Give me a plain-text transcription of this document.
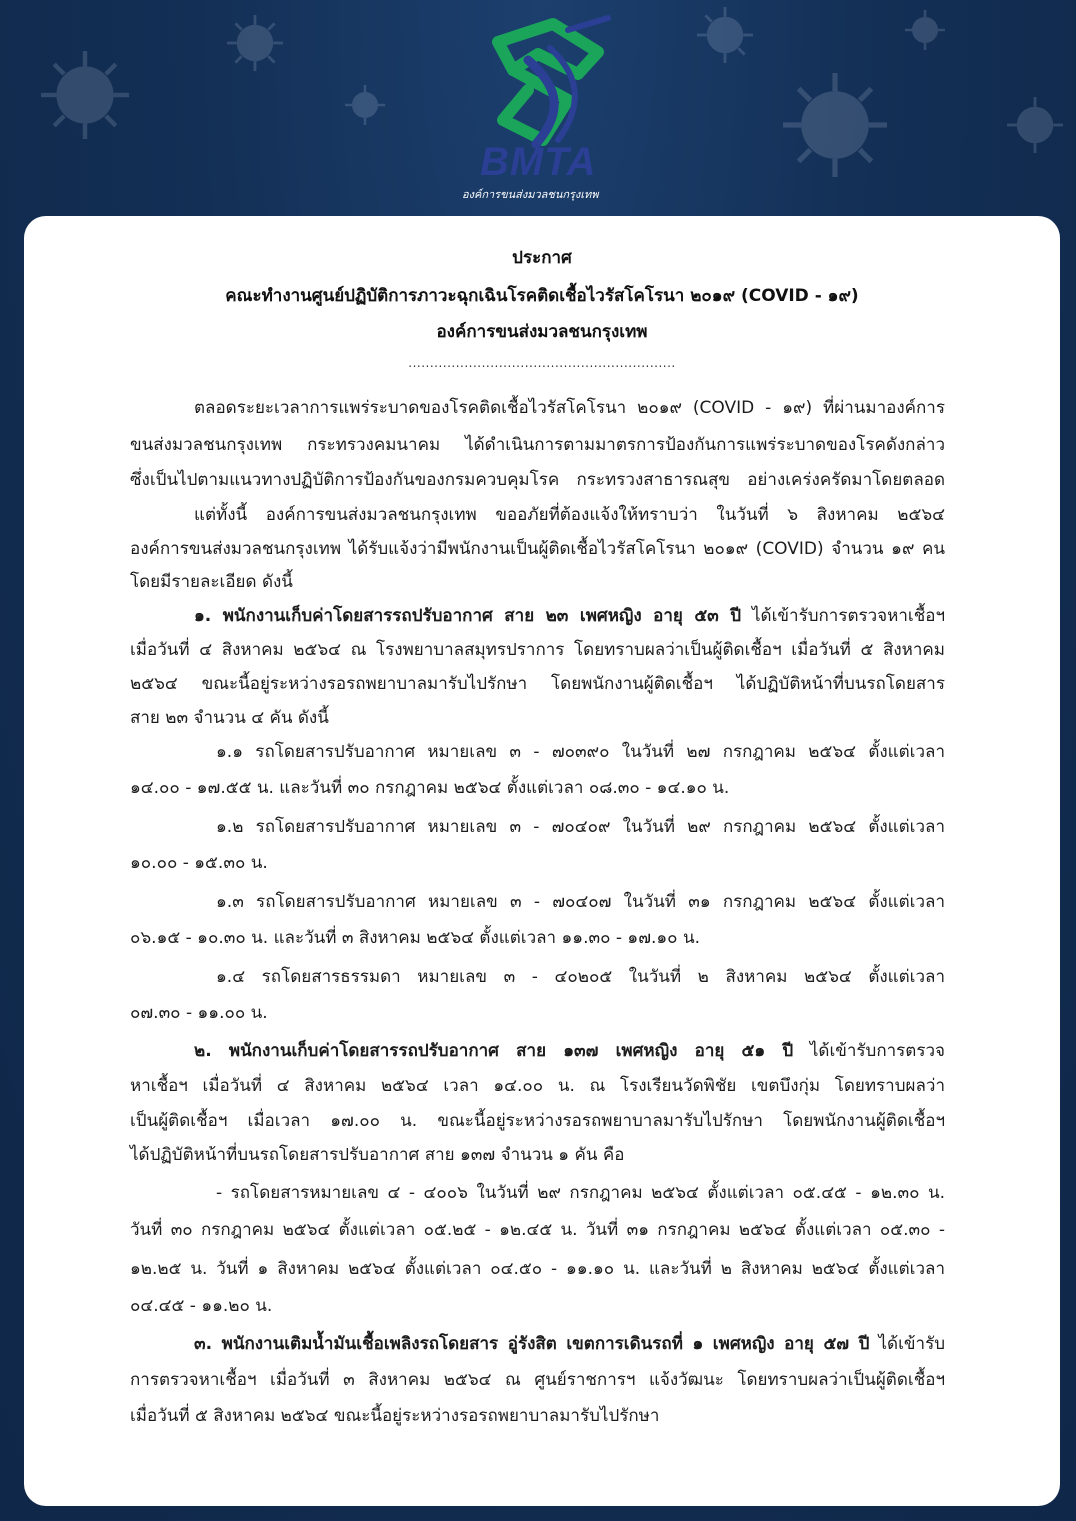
BMTA
องค์การขนส่งมวลชนกรุงเทพ
ประกาศ
คณะทำงานศูนย์ปฏิบัติการภาวะฉุกเฉินโรคติดเชื้อไวรัสโคโรนา ๒๐๑๙ (COVID - ๑๙)
องค์การขนส่งมวลชนกรุงเทพ
..............................................................
ตลอดระยะเวลาการแพร่ระบาดของโรคติดเชื้อไวรัสโคโรนา ๒๐๑๙ (COVID - ๑๙) ที่ผ่านมาองค์การ
ขนส่งมวลชนกรุงเทพ กระทรวงคมนาคม ได้ดำเนินการตามมาตรการป้องกันการแพร่ระบาดของโรคดังกล่าว
ซึ่งเป็นไปตามแนวทางปฏิบัติการป้องกันของกรมควบคุมโรค กระทรวงสาธารณสุข อย่างเคร่งครัดมาโดยตลอด
แต่ทั้งนี้ องค์การขนส่งมวลชนกรุงเทพ ขออภัยที่ต้องแจ้งให้ทราบว่า ในวันที่ ๖ สิงหาคม ๒๕๖๔
องค์การขนส่งมวลชนกรุงเทพ ได้รับแจ้งว่ามีพนักงานเป็นผู้ติดเชื้อไวรัสโคโรนา ๒๐๑๙ (COVID) จำนวน ๑๙ คน
โดยมีรายละเอียด ดังนี้
๑. พนักงานเก็บค่าโดยสารรถปรับอากาศ สาย ๒๓ เพศหญิง อายุ ๕๓ ปี ได้เข้ารับการตรวจหาเชื้อฯ
เมื่อวันที่ ๔ สิงหาคม ๒๕๖๔ ณ โรงพยาบาลสมุทรปราการ โดยทราบผลว่าเป็นผู้ติดเชื้อฯ เมื่อวันที่ ๕ สิงหาคม
๒๕๖๔ ขณะนี้อยู่ระหว่างรอรถพยาบาลมารับไปรักษา โดยพนักงานผู้ติดเชื้อฯ ได้ปฏิบัติหน้าที่บนรถโดยสาร
สาย ๒๓ จำนวน ๔ คัน ดังนี้
๑.๑ รถโดยสารปรับอากาศ หมายเลข ๓ - ๗๐๓๙๐ ในวันที่ ๒๗ กรกฎาคม ๒๕๖๔ ตั้งแต่เวลา
๑๔.๐๐ - ๑๗.๕๕ น. และวันที่ ๓๐ กรกฎาคม ๒๕๖๔ ตั้งแต่เวลา ๐๘.๓๐ - ๑๔.๑๐ น.
๑.๒ รถโดยสารปรับอากาศ หมายเลข ๓ - ๗๐๔๐๙ ในวันที่ ๒๙ กรกฎาคม ๒๕๖๔ ตั้งแต่เวลา
๑๐.๐๐ - ๑๕.๓๐ น.
๑.๓ รถโดยสารปรับอากาศ หมายเลข ๓ - ๗๐๔๐๗ ในวันที่ ๓๑ กรกฎาคม ๒๕๖๔ ตั้งแต่เวลา
๐๖.๑๕ - ๑๐.๓๐ น. และวันที่ ๓ สิงหาคม ๒๕๖๔ ตั้งแต่เวลา ๑๑.๓๐ - ๑๗.๑๐ น.
๑.๔ รถโดยสารธรรมดา หมายเลข ๓ - ๔๐๒๐๕ ในวันที่ ๒ สิงหาคม ๒๕๖๔ ตั้งแต่เวลา
๐๗.๓๐ - ๑๑.๐๐ น.
๒. พนักงานเก็บค่าโดยสารรถปรับอากาศ สาย ๑๓๗ เพศหญิง อายุ ๕๑ ปี ได้เข้ารับการตรวจ
หาเชื้อฯ เมื่อวันที่ ๔ สิงหาคม ๒๕๖๔ เวลา ๑๔.๐๐ น. ณ โรงเรียนวัดพิชัย เขตบึงกุ่ม โดยทราบผลว่า
เป็นผู้ติดเชื้อฯ เมื่อเวลา ๑๗.๐๐ น. ขณะนี้อยู่ระหว่างรอรถพยาบาลมารับไปรักษา โดยพนักงานผู้ติดเชื้อฯ
ได้ปฏิบัติหน้าที่บนรถโดยสารปรับอากาศ สาย ๑๓๗ จำนวน ๑ คัน คือ
- รถโดยสารหมายเลข ๔ - ๔๐๐๖ ในวันที่ ๒๙ กรกฎาคม ๒๕๖๔ ตั้งแต่เวลา ๐๕.๔๕ - ๑๒.๓๐ น.
วันที่ ๓๐ กรกฎาคม ๒๕๖๔ ตั้งแต่เวลา ๐๕.๒๕ - ๑๒.๔๕ น. วันที่ ๓๑ กรกฎาคม ๒๕๖๔ ตั้งแต่เวลา ๐๕.๓๐ -
๑๒.๒๕ น. วันที่ ๑ สิงหาคม ๒๕๖๔ ตั้งแต่เวลา ๐๔.๕๐ - ๑๑.๑๐ น. และวันที่ ๒ สิงหาคม ๒๕๖๔ ตั้งแต่เวลา
๐๔.๔๕ - ๑๑.๒๐ น.
๓. พนักงานเติมน้ำมันเชื้อเพลิงรถโดยสาร อู่รังสิต เขตการเดินรถที่ ๑ เพศหญิง อายุ ๕๗ ปี ได้เข้ารับ
การตรวจหาเชื้อฯ เมื่อวันที่ ๓ สิงหาคม ๒๕๖๔ ณ ศูนย์ราชการฯ แจ้งวัฒนะ โดยทราบผลว่าเป็นผู้ติดเชื้อฯ
เมื่อวันที่ ๕ สิงหาคม ๒๕๖๔ ขณะนี้อยู่ระหว่างรอรถพยาบาลมารับไปรักษา
